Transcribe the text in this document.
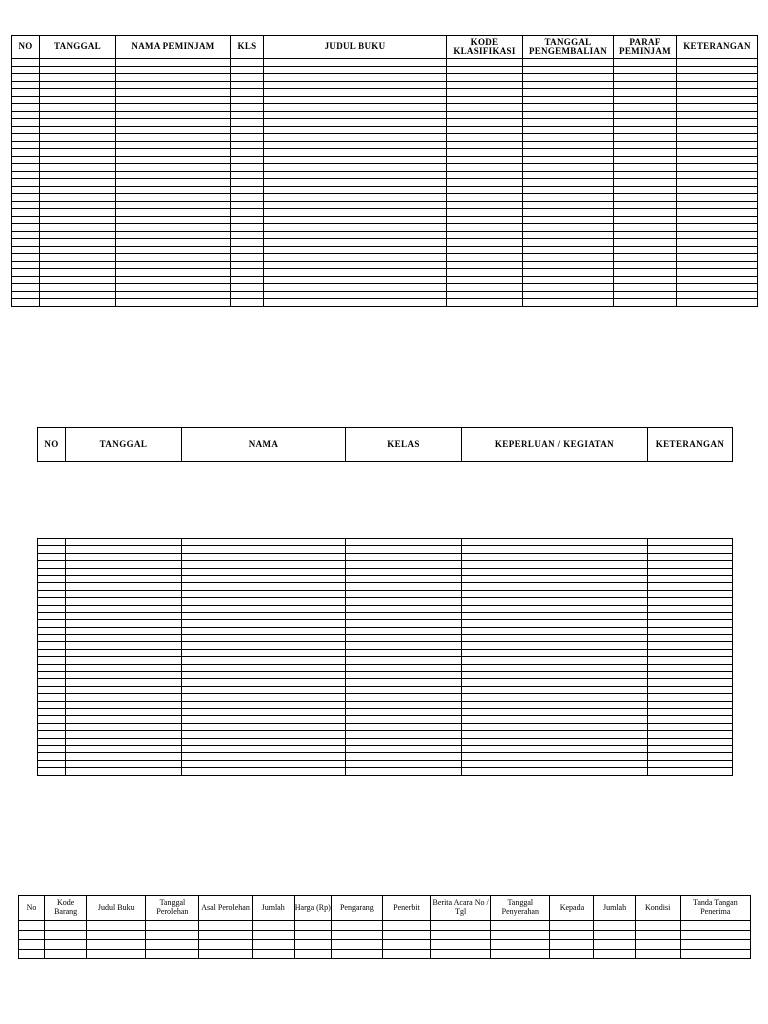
NO	TANGGAL	NAMA PEMINJAM	KLS	JUDUL BUKU	KODE KLASIFIKASI	TANGGAL PENGEMBALIAN	PARAF PEMINJAM	KETERANGAN

NO	TANGGAL	NAMA	KELAS	KEPERLUAN / KEGIATAN	KETERANGAN

No	Kode Barang	Judul Buku	Tanggal Perolehan	Asal Perolehan	Jumlah	Harga (Rp)	Pengarang	Penerbit	Berita Acara No / Tgl	Tanggal Penyerahan	Kepada	Jumlah	Kondisi	Tanda Tangan Penerima
